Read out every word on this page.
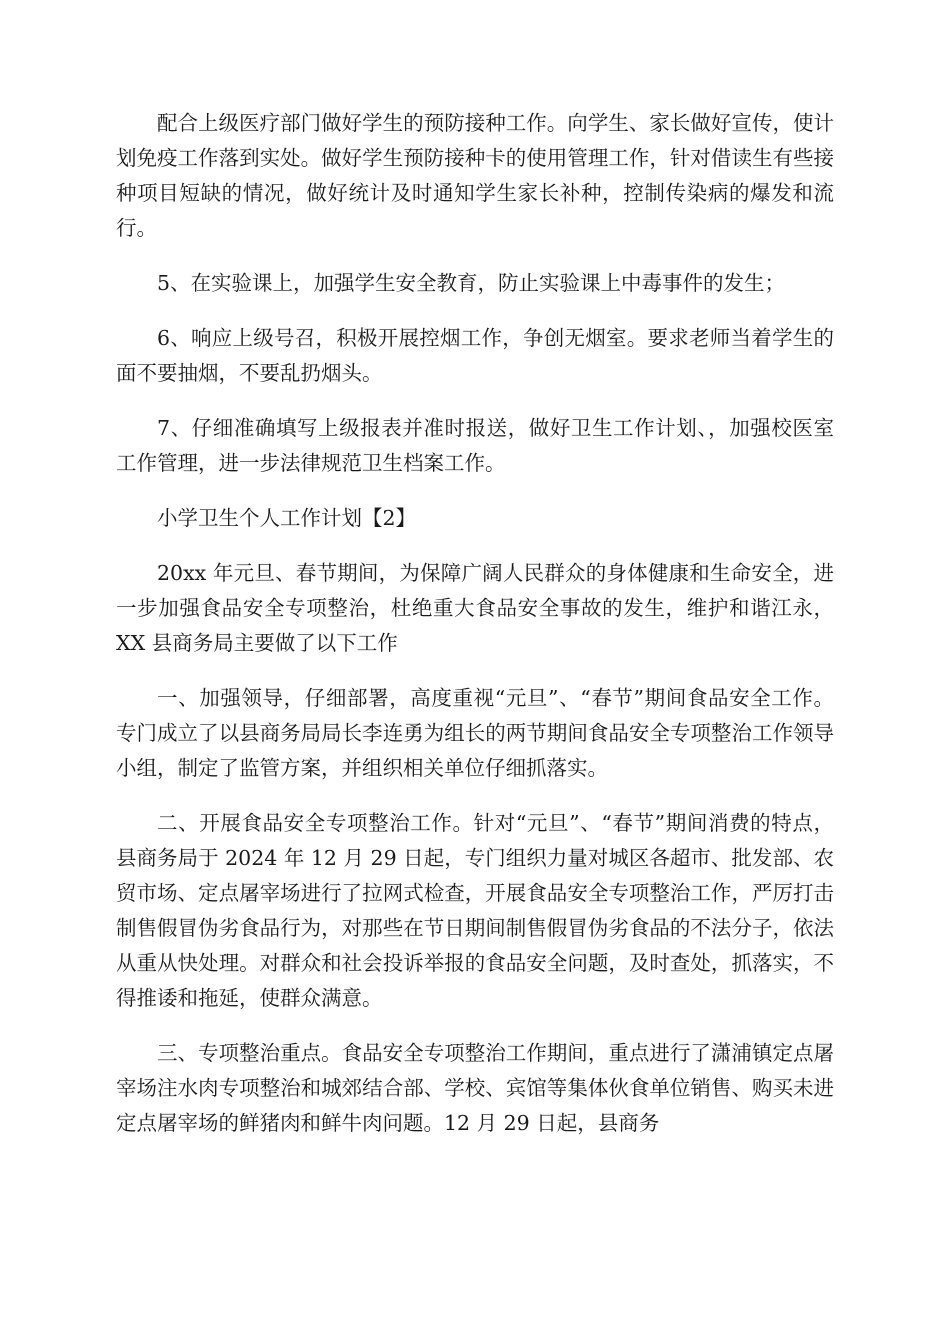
配合上级医疗部门做好学生的预防接种工作。向学生、家长做好宣传，使计划免疫工作落到实处。做好学生预防接种卡的使用管理工作，针对借读生有些接种项目短缺的情况，做好统计及时通知学生家长补种，控制传染病的爆发和流行。

5、在实验课上，加强学生安全教育，防止实验课上中毒事件的发生；

6、响应上级号召，积极开展控烟工作，争创无烟室。要求老师当着学生的面不要抽烟，不要乱扔烟头。

7、仔细准确填写上级报表并准时报送，做好卫生工作计划、，加强校医室工作管理，进一步法律规范卫生档案工作。

小学卫生个人工作计划【2】

20xx 年元旦、春节期间，为保障广阔人民群众的身体健康和生命安全，进一步加强食品安全专项整治，杜绝重大食品安全事故的发生，维护和谐江永，XX 县商务局主要做了以下工作

一、加强领导，仔细部署，高度重视“元旦”、“春节”期间食品安全工作。专门成立了以县商务局局长李连勇为组长的两节期间食品安全专项整治工作领导小组，制定了监管方案，并组织相关单位仔细抓落实。

二、开展食品安全专项整治工作。针对“元旦”、“春节”期间消费的特点，县商务局于 2024 年 12 月 29 日起，专门组织力量对城区各超市、批发部、农贸市场、定点屠宰场进行了拉网式检查，开展食品安全专项整治工作，严厉打击制售假冒伪劣食品行为，对那些在节日期间制售假冒伪劣食品的不法分子，依法从重从快处理。对群众和社会投诉举报的食品安全问题，及时查处，抓落实，不得推诿和拖延，使群众满意。

三、专项整治重点。食品安全专项整治工作期间，重点进行了潇浦镇定点屠宰场注水肉专项整治和城郊结合部、学校、宾馆等集体伙食单位销售、购买未进定点屠宰场的鲜猪肉和鲜牛肉问题。12 月 29 日起，县商务
